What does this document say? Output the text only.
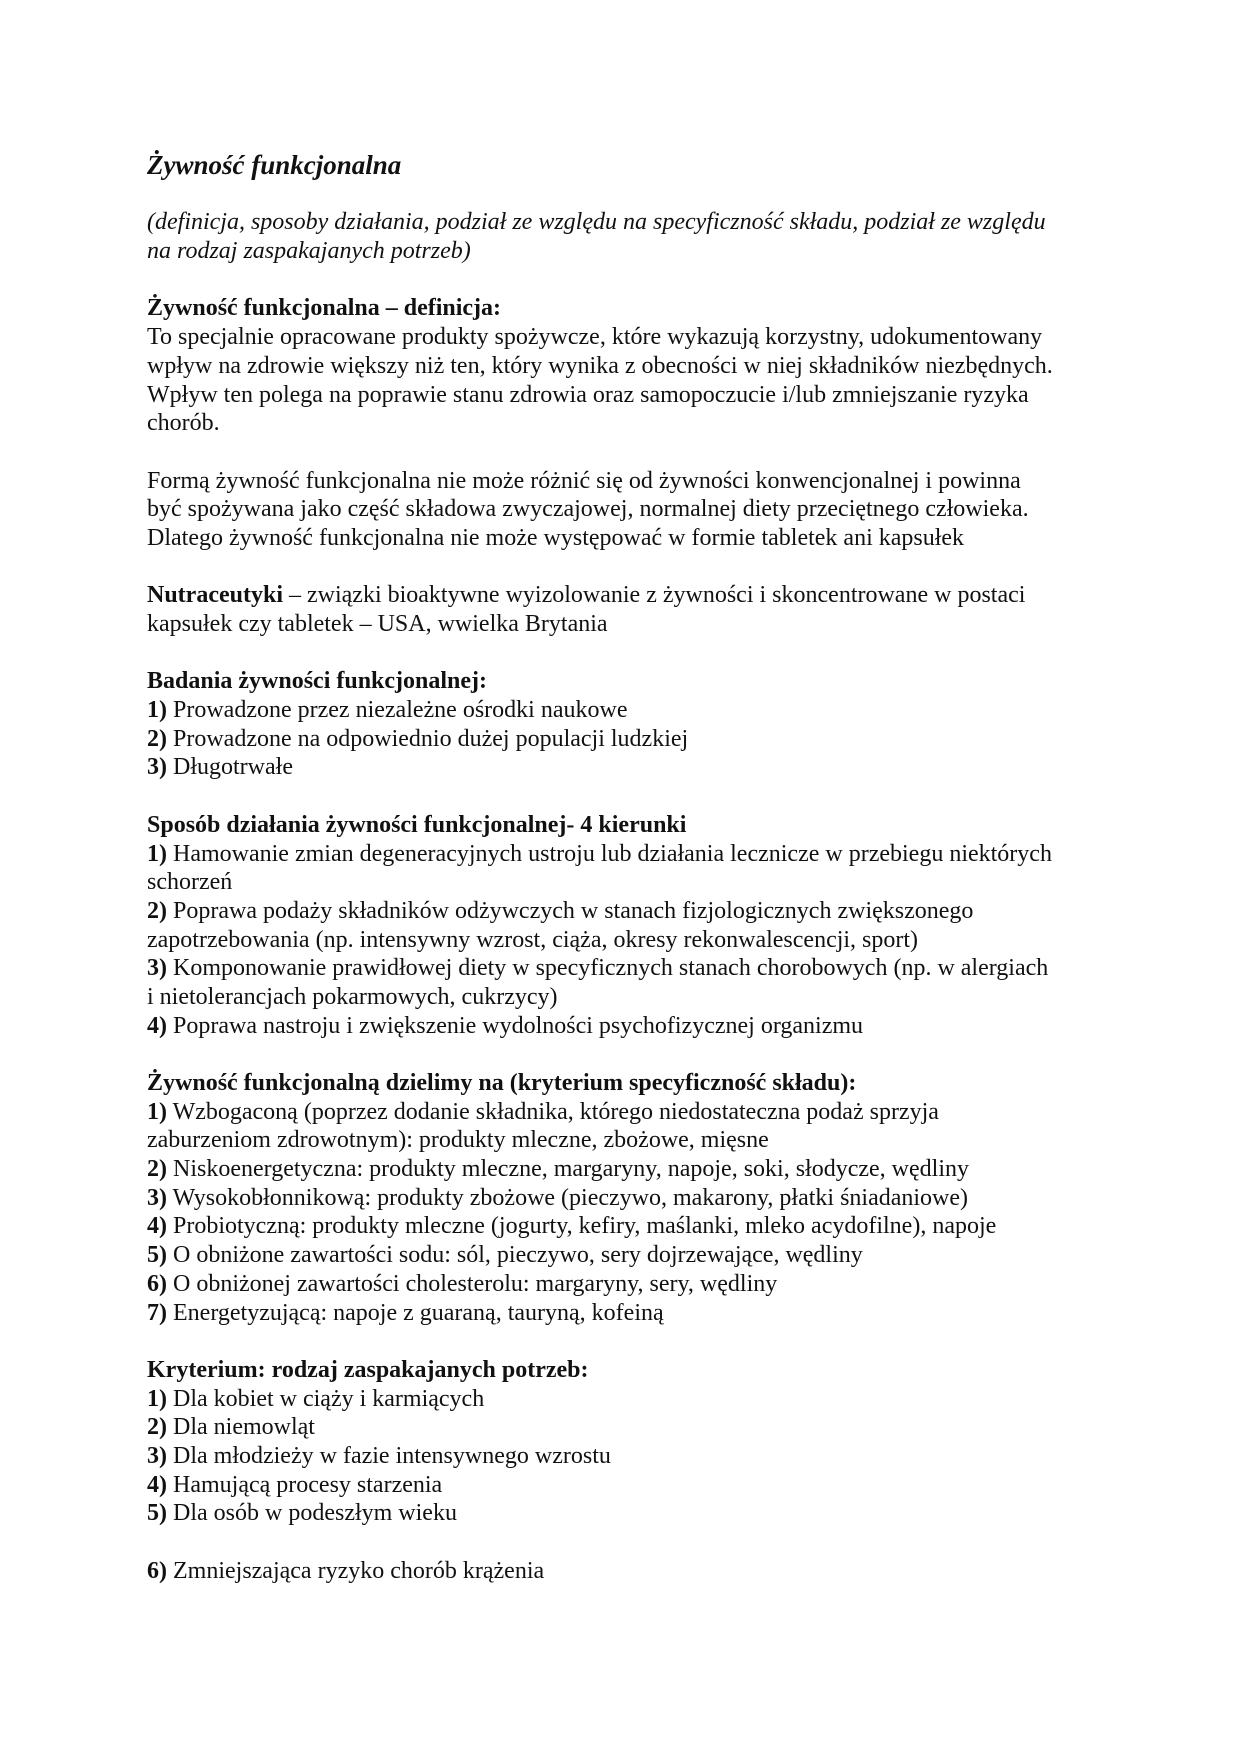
Żywność funkcjonalna
(definicja, sposoby działania, podział ze względu na specyficzność składu, podział ze względu
na rodzaj zaspakajanych potrzeb)
Żywność funkcjonalna – definicja:
To specjalnie opracowane produkty spożywcze, które wykazują korzystny, udokumentowany
wpływ na zdrowie większy niż ten, który wynika z obecności w niej składników niezbędnych.
Wpływ ten polega na poprawie stanu zdrowia oraz samopoczucie i/lub zmniejszanie ryzyka
chorób.
Formą żywność funkcjonalna nie może różnić się od żywności konwencjonalnej i powinna
być spożywana jako część składowa zwyczajowej, normalnej diety przeciętnego człowieka.
Dlatego żywność funkcjonalna nie może występować w formie tabletek ani kapsułek
Nutraceutyki – związki bioaktywne wyizolowanie z żywności i skoncentrowane w postaci
kapsułek czy tabletek – USA, wwielka Brytania
Badania żywności funkcjonalnej:
1) Prowadzone przez niezależne ośrodki naukowe
2) Prowadzone na odpowiednio dużej populacji ludzkiej
3) Długotrwałe
Sposób działania żywności funkcjonalnej- 4 kierunki
1) Hamowanie zmian degeneracyjnych ustroju lub działania lecznicze w przebiegu niektórych
schorzeń
2) Poprawa podaży składników odżywczych w stanach fizjologicznych zwiększonego
zapotrzebowania (np. intensywny wzrost, ciąża, okresy rekonwalescencji, sport)
3) Komponowanie prawidłowej diety w specyficznych stanach chorobowych (np. w alergiach
i nietolerancjach pokarmowych, cukrzycy)
4) Poprawa nastroju i zwiększenie wydolności psychofizycznej organizmu
Żywność funkcjonalną dzielimy na (kryterium specyficzność składu):
1) Wzbogaconą (poprzez dodanie składnika, którego niedostateczna podaż sprzyja
zaburzeniom zdrowotnym): produkty mleczne, zbożowe, mięsne
2) Niskoenergetyczna: produkty mleczne, margaryny, napoje, soki, słodycze, wędliny
3) Wysokobłonnikową: produkty zbożowe (pieczywo, makarony, płatki śniadaniowe)
4) Probiotyczną: produkty mleczne (jogurty, kefiry, maślanki, mleko acydofilne), napoje
5) O obniżone zawartości sodu: sól, pieczywo, sery dojrzewające, wędliny
6) O obniżonej zawartości cholesterolu: margaryny, sery, wędliny
7) Energetyzującą: napoje z guaraną, tauryną, kofeiną
Kryterium: rodzaj zaspakajanych potrzeb:
1) Dla kobiet w ciąży i karmiących
2) Dla niemowląt
3) Dla młodzieży w fazie intensywnego wzrostu
4) Hamującą procesy starzenia
5) Dla osób w podeszłym wieku
6) Zmniejszająca ryzyko chorób krążenia
